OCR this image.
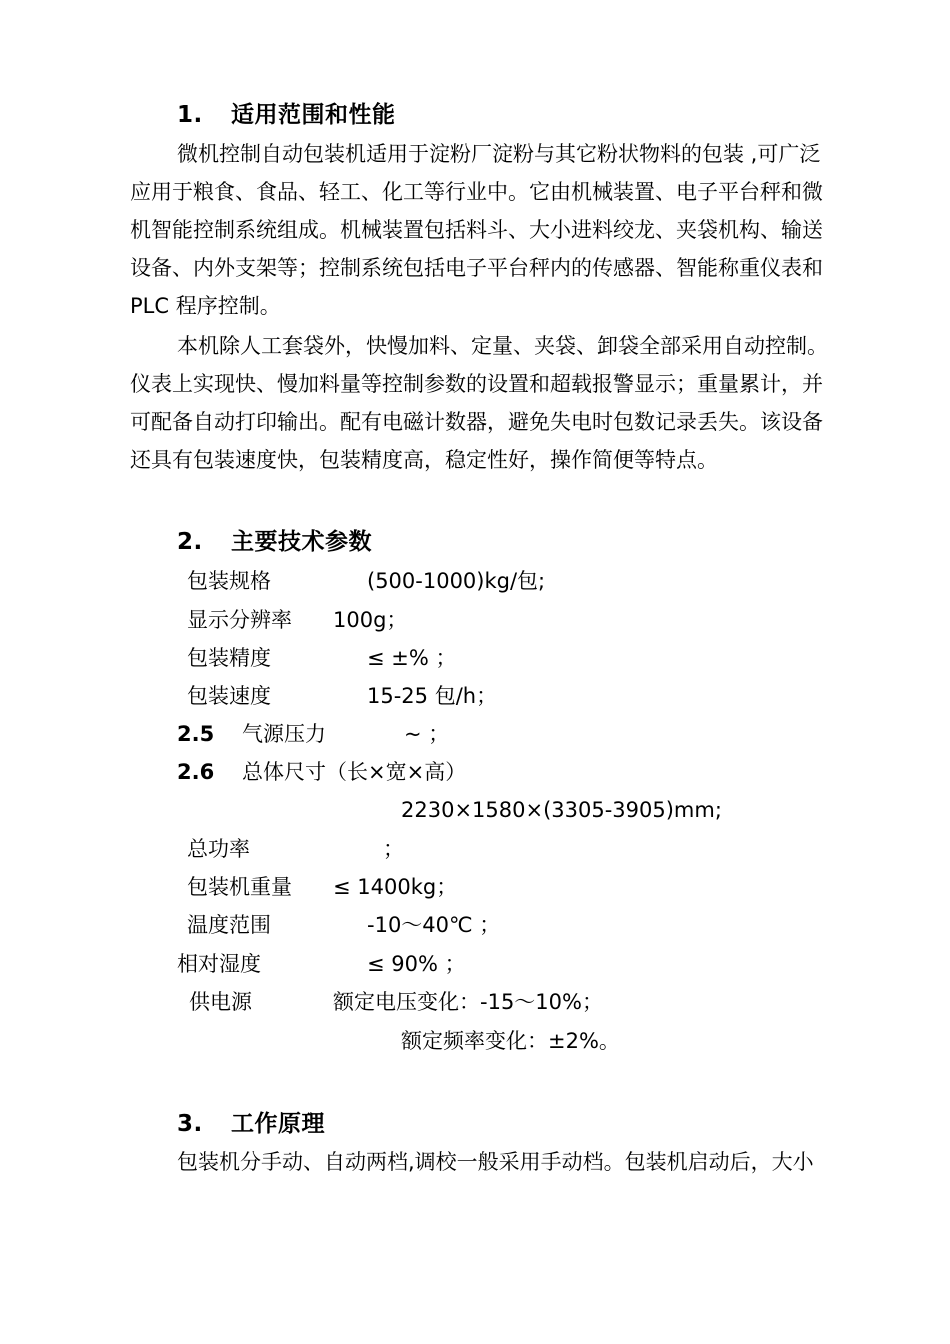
1. 适用范围和性能
微机控制自动包装机适用于淀粉厂淀粉与其它粉状物料的包装 ,可广泛
应用于粮食、食品、轻工、化工等行业中。它由机械装置、电子平台秤和微
机智能控制系统组成。机械装置包括料斗、大小进料绞龙、夹袋机构、输送
设备、内外支架等；控制系统包括电子平台秤内的传感器、智能称重仪表和
PLC 程序控制。
本机除人工套袋外，快慢加料、定量、夹袋、卸袋全部采用自动控制。
仪表上实现快、慢加料量等控制参数的设置和超载报警显示；重量累计，并
可配备自动打印输出。配有电磁计数器，避免失电时包数记录丢失。该设备
还具有包装速度快，包装精度高，稳定性好，操作简便等特点。
2. 主要技术参数
包装规格	(500-1000)kg/包;
显示分辨率 100g；
包装精度	≤ ±% ；
包装速度	15-25 包/h；
2.5 气源压力	~ ；
2.6 总体尺寸（长×宽×高）
2230×1580×(3305-3905)mm;
总功率	；
包装机重量 ≤ 1400kg；
温度范围	-10～40℃ ；
相对湿度	≤ 90% ；
供电源	额定电压变化：-15～10%；
额定频率变化：±2%。
3. 工作原理
包装机分手动、自动两档,调校一般采用手动档。包装机启动后，大小
